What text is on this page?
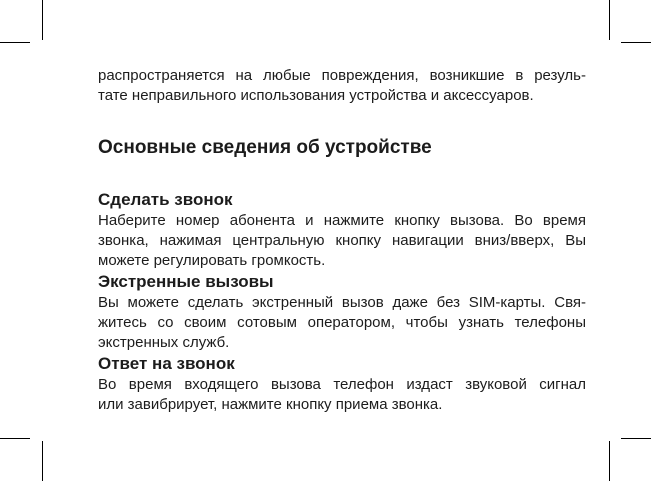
распространяется на любые повреждения, возникшие в резуль-
тате неправильного использования устройства и аксессуаров.

Основные сведения об устройстве
Сделать звонок

Наберите номер абонента и нажмите кнопку вызова. Во время
звонка, нажимая центральную кнопку навигации вниз/вверх, Вы
можете регулировать громкость.

Экстренные вызовы

Вы можете сделать экстренный вызов даже без SIM-карты. Свя-
житесь со своим сотовым оператором, чтобы узнать телефоны
экстренных служб.

Ответ на звонок

Во время входящего вызова телефон издаст звуковой сигнал
или завибрирует, нажмите кнопку приема звонка.
